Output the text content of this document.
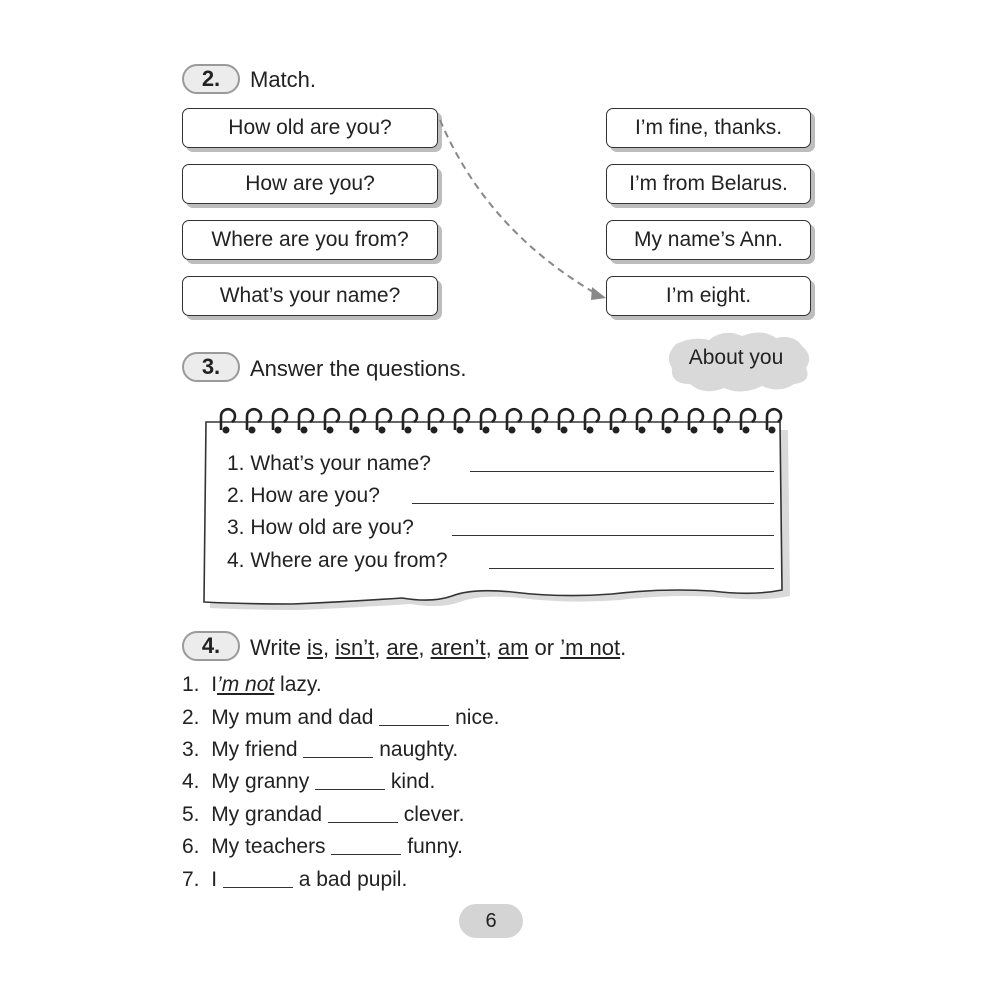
2.	Match.
How old are you?
How are you?
Where are you from?
What’s your name?
I’m fine, thanks.
I’m from Belarus.
My name’s Ann.
I’m eight.
3.	Answer the questions.	About you
1. What’s your name?
2. How are you?
3. How old are you?
4. Where are you from?
4.	Write is, isn’t, are, aren’t, am or ’m not.
1. I’m not lazy.
2. My mum and dad	nice.
3. My friend	naughty.
4. My granny	kind.
5. My grandad	clever.
6. My teachers	funny.
7. I	a bad pupil.
6
